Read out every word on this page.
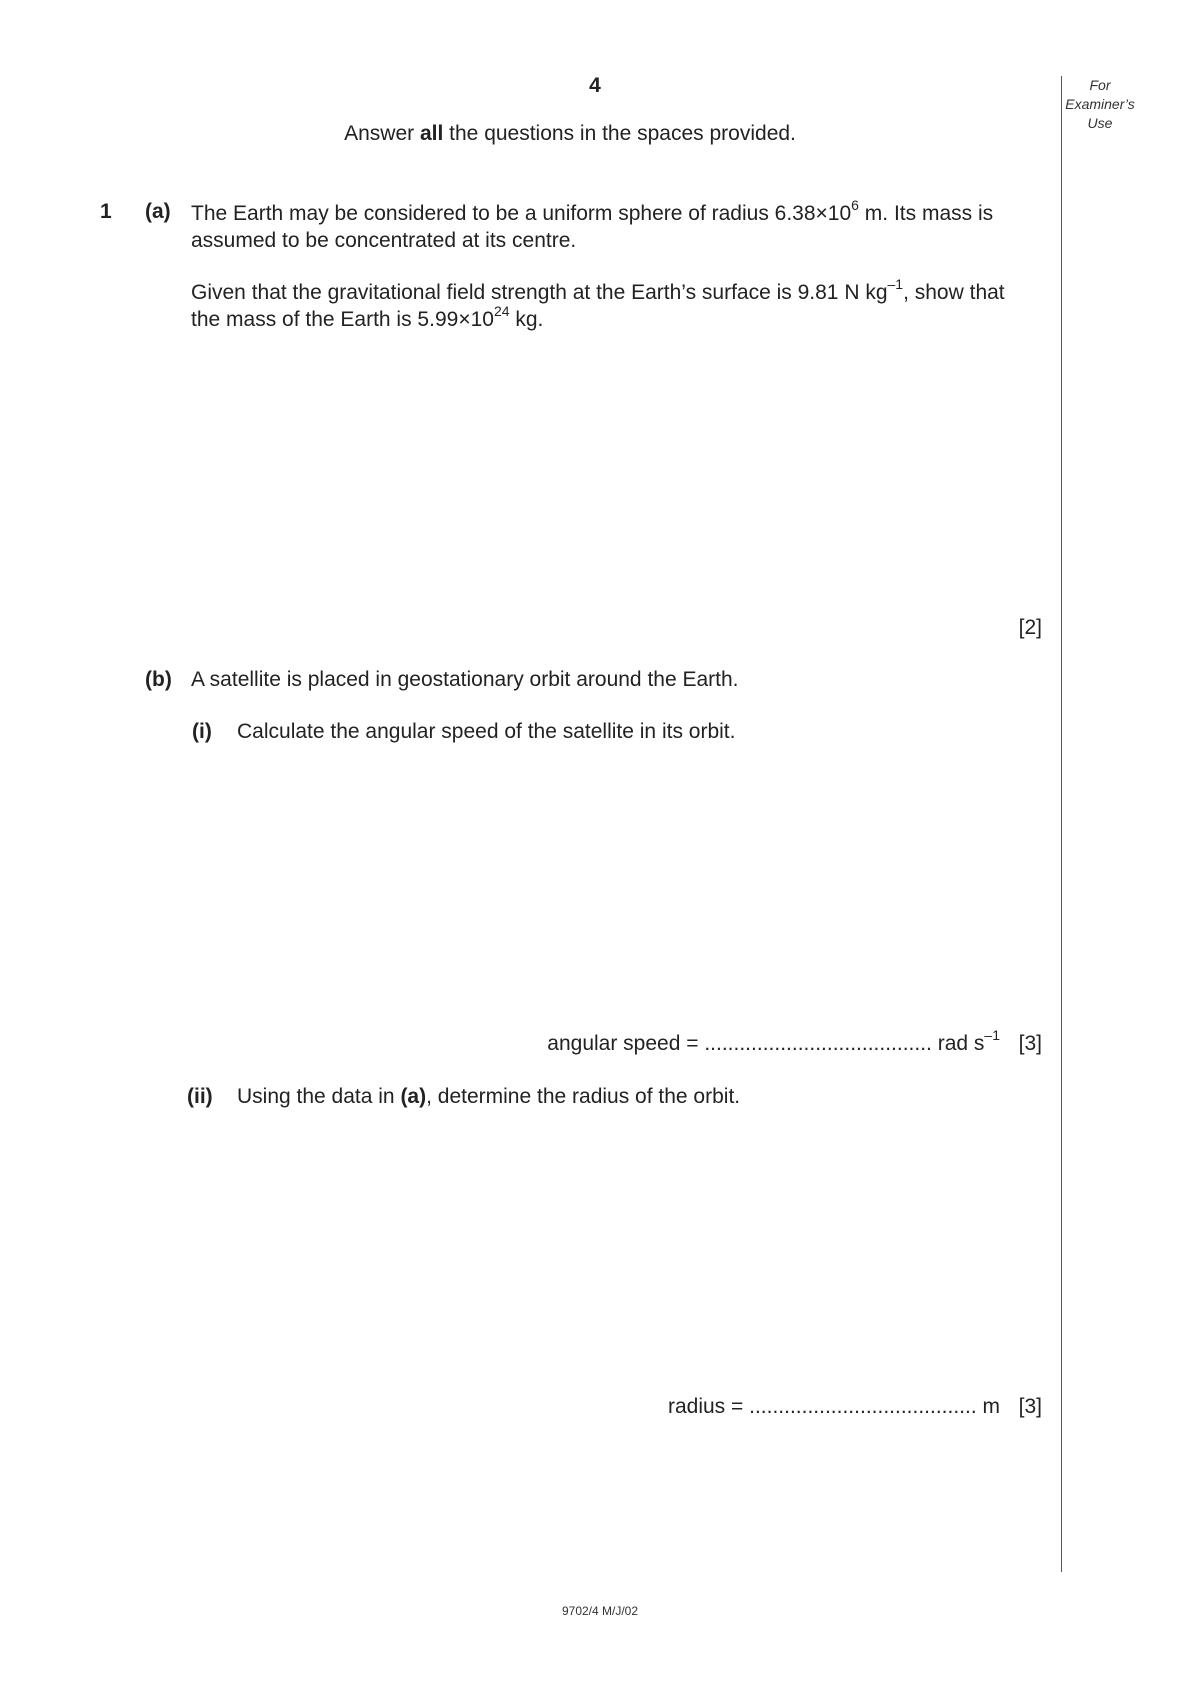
4	For
Examiner’s
Use
Answer all the questions in the spaces provided.
1 (a) The Earth may be considered to be a uniform sphere of radius $6.38\times 10^6$ m. Its mass is
assumed to be concentrated at its centre.
Given that the gravitational field strength at the Earth’s surface is 9.81 N $kg^{-1}$, show that
the mass of the Earth is $5.99\times 10^{24}$ kg.
[2]
(b) A satellite is placed in geostationary orbit around the Earth.
(i) Calculate the angular speed of the satellite in its orbit.
angular speed = ....................................... rad $s^{-1}$ [3]
(ii) Using the data in (a), determine the radius of the orbit.
radius = ....................................... m [3]
9702/4 M/J/02
